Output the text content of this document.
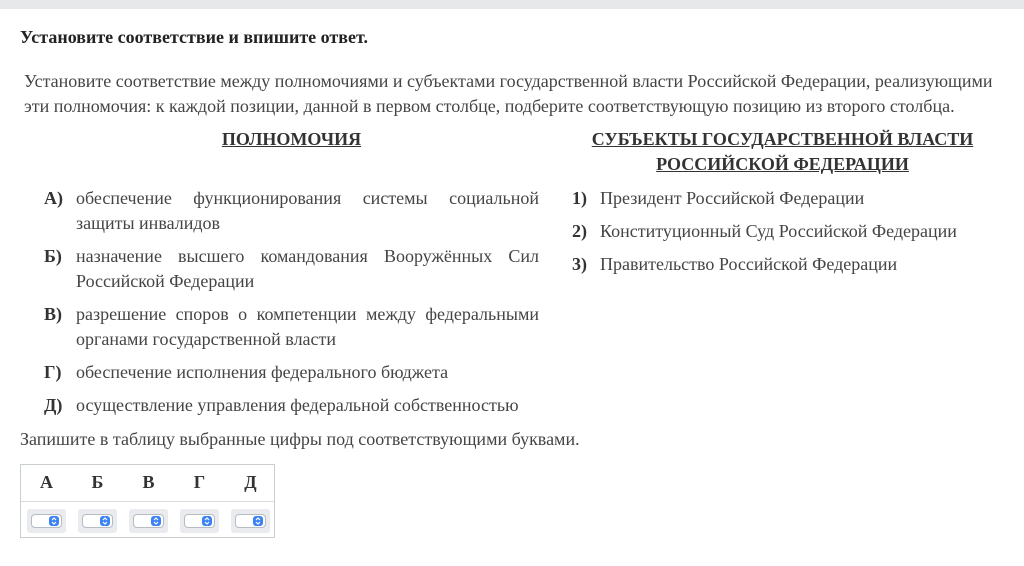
Установите соответствие и впишите ответ.
Установите соответствие между полномочиями и субъектами государственной власти Российской Федерации, реализующими эти полномочия: к каждой позиции, данной в первом столбце, подберите соответствующую позицию из второго столбца.
ПОЛНОМОЧИЯ	СУБЪЕКТЫ ГОСУДАРСТВЕННОЙ ВЛАСТИ РОССИЙСКОЙ ФЕДЕРАЦИИ
А) обеспечение функционирования системы социальной защиты инвалидов
Б) назначение высшего командования Вооружённых Сил Российской Федерации
В) разрешение споров о компетенции между федеральными органами государственной власти
Г) обеспечение исполнения федерального бюджета
Д) осуществление управления федеральной собственностью
1) Президент Российской Федерации
2) Конституционный Суд Российской Федерации
3) Правительство Российской Федерации
Запишите в таблицу выбранные цифры под соответствующими буквами.
А	Б	В	Г	Д
